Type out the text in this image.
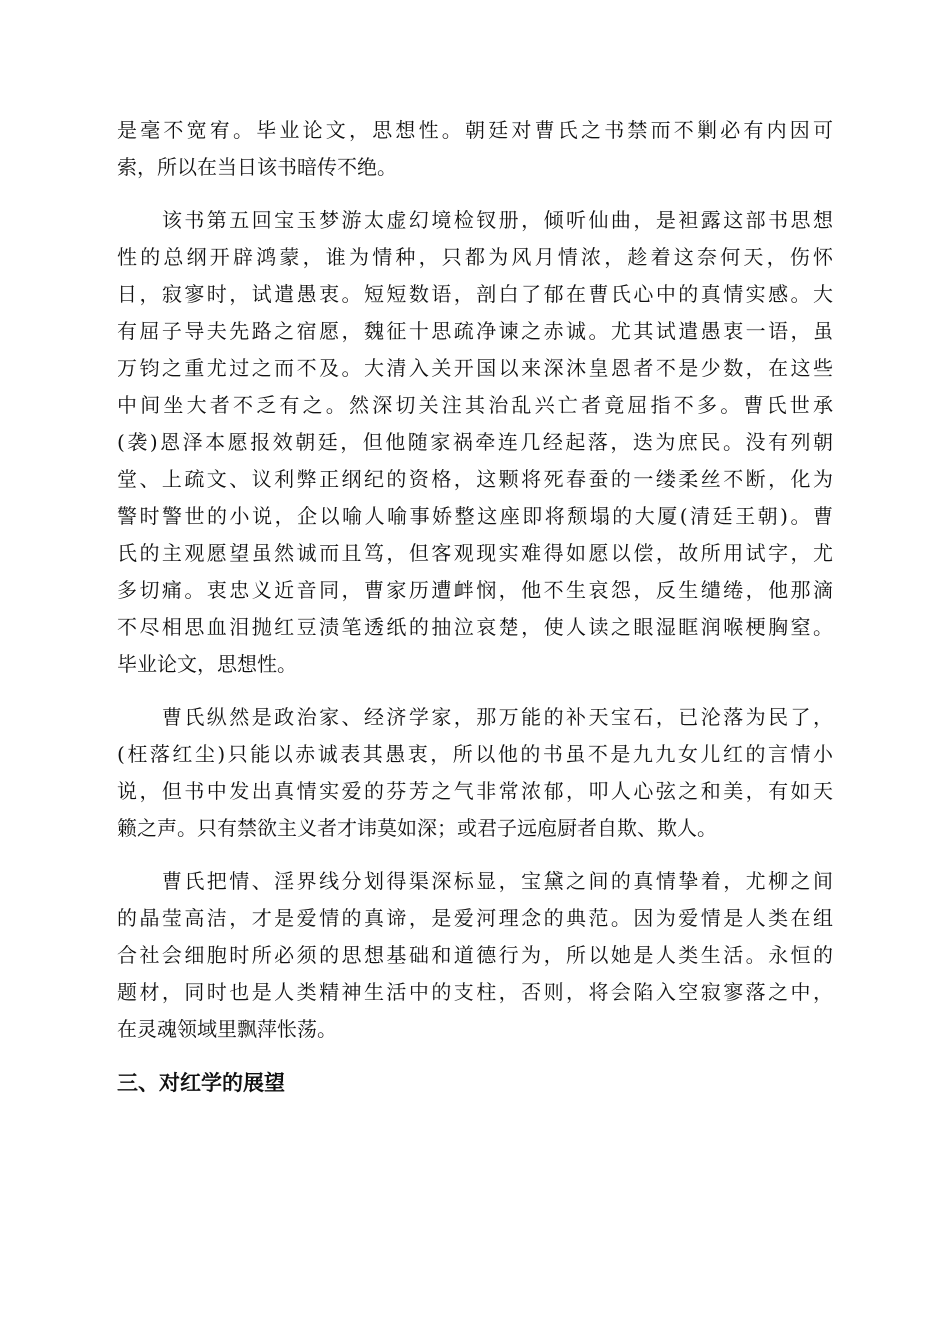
是毫不宽宥。毕业论文，思想性。朝廷对曹氏之书禁而不剿必有内因可
索，所以在当日该书暗传不绝。
　　该书第五回宝玉梦游太虚幻境检钗册，倾听仙曲，是袒露这部书思想
性的总纲开辟鸿蒙，谁为情种，只都为风月情浓，趁着这奈何天，伤怀
日，寂寥时，试遣愚衷。短短数语，剖白了郁在曹氏心中的真情实感。大
有屈子导夫先路之宿愿，魏征十思疏净谏之赤诚。尤其试遣愚衷一语，虽
万钧之重尤过之而不及。大清入关开国以来深沐皇恩者不是少数，在这些
中间坐大者不乏有之。然深切关注其治乱兴亡者竟屈指不多。曹氏世承
(袭)恩泽本愿报效朝廷，但他随家祸牵连几经起落，迭为庶民。没有列朝
堂、上疏文、议利弊正纲纪的资格，这颗将死春蚕的一缕柔丝不断，化为
警时警世的小说，企以喻人喻事娇整这座即将颓塌的大厦(清廷王朝)。曹
氏的主观愿望虽然诚而且笃，但客观现实难得如愿以偿，故所用试字，尤
多切痛。衷忠义近音同，曹家历遭衅悯，他不生哀怨，反生缱绻，他那滴
不尽相思血泪抛红豆渍笔透纸的抽泣哀楚，使人读之眼湿眶润喉梗胸窒。
毕业论文，思想性。
　　曹氏纵然是政治家、经济学家，那万能的补天宝石，已沦落为民了，
(枉落红尘)只能以赤诚表其愚衷，所以他的书虽不是九九女儿红的言情小
说，但书中发出真情实爱的芬芳之气非常浓郁，叩人心弦之和美，有如天
籁之声。只有禁欲主义者才讳莫如深；或君子远庖厨者自欺、欺人。
　　曹氏把情、淫界线分划得渠深标显，宝黛之间的真情挚着，尤柳之间
的晶莹高洁，才是爱情的真谛，是爱河理念的典范。因为爱情是人类在组
合社会细胞时所必须的思想基础和道德行为，所以她是人类生活。永恒的
题材，同时也是人类精神生活中的支柱，否则，将会陷入空寂寥落之中，
在灵魂领域里飘萍怅荡。
三、对红学的展望
